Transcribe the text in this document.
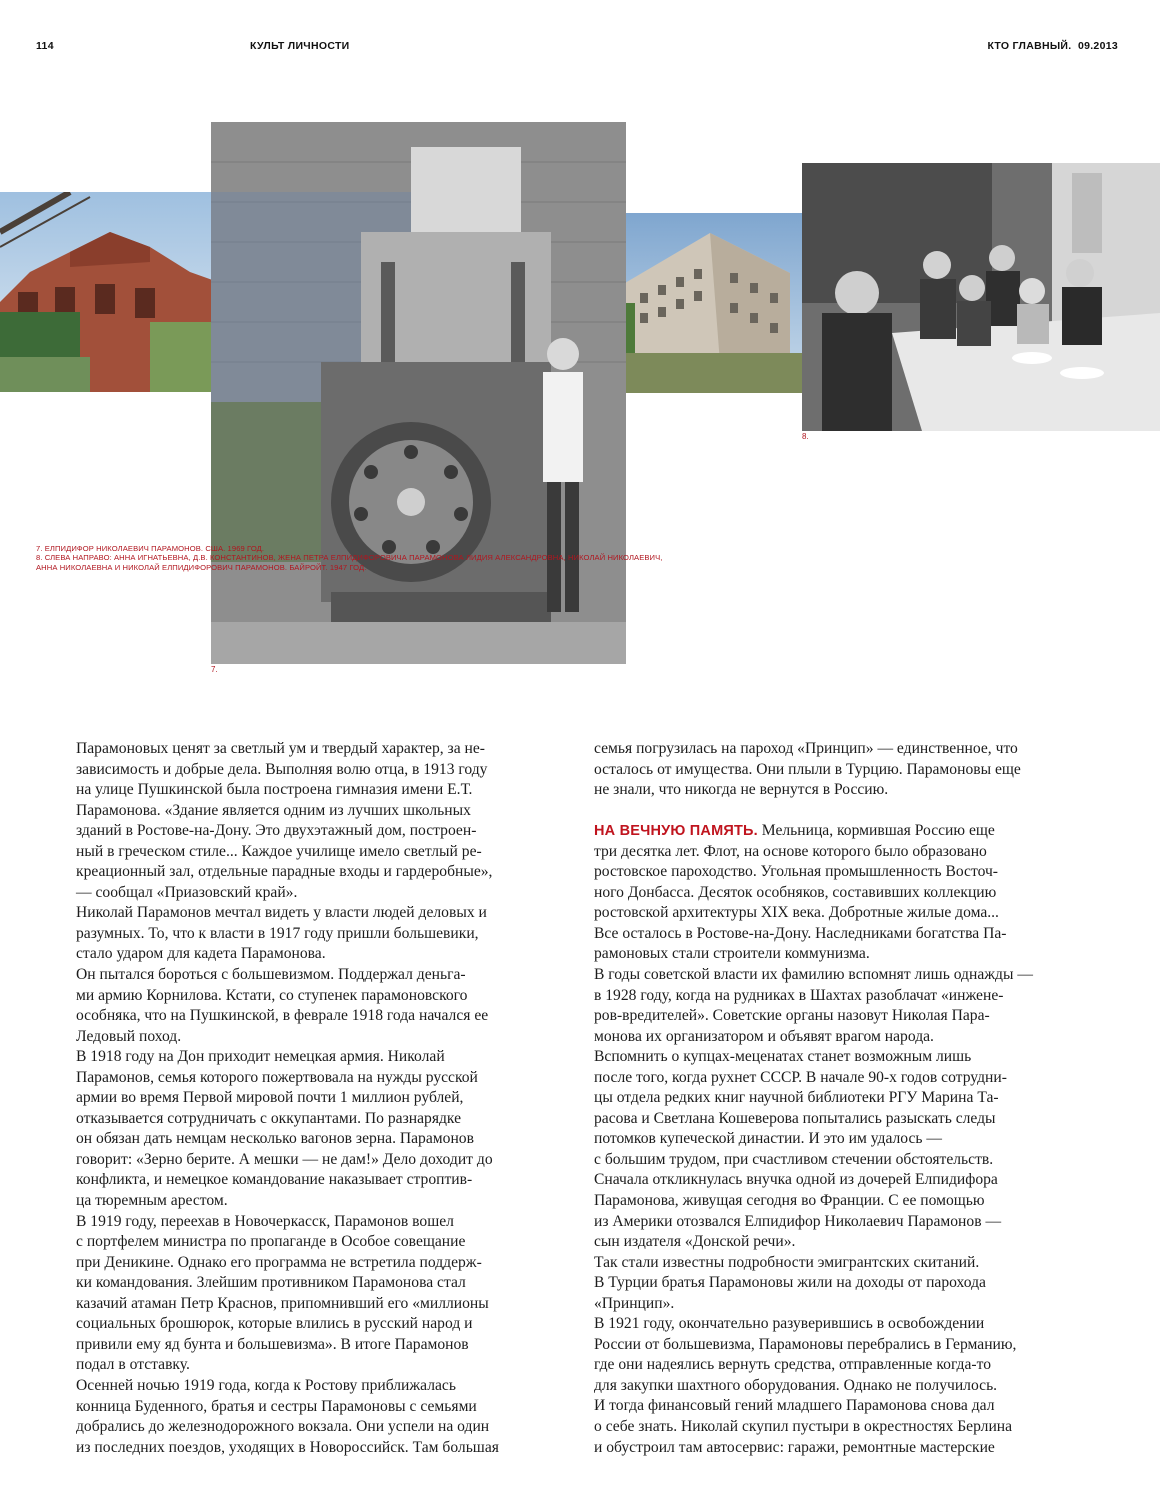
114	КУЛЬТ ЛИЧНОСТИ	КТО ГЛАВНЫЙ. 09.2013
7.
8.
7. ЕЛПИДИФОР НИКОЛАЕВИЧ ПАРАМОНОВ. США. 1969 ГОД.
8. СЛЕВА НАПРАВО: АННА ИГНАТЬЕВНА, Д.В. КОНСТАНТИНОВ, ЖЕНА ПЕТРА ЕЛПИДИФОРОВИЧА ПАРАМОНОВА ЛИДИЯ АЛЕКСАНДРОВНА, НИКОЛАЙ НИКОЛАЕВИЧ,
АННА НИКОЛАЕВНА И НИКОЛАЙ ЕЛПИДИФОРОВИЧ ПАРАМОНОВ. БАЙРОЙТ. 1947 ГОД.

Парамоновых ценят за светлый ум и твердый характер, за не-

зависимость и добрые дела. Выполняя волю отца, в 1913 году

на улице Пушкинской была построена гимназия имени Е.Т.

Парамонова. «Здание является одним из лучших школьных

зданий в Ростове-на-Дону. Это двухэтажный дом, построен-

ный в греческом стиле... Каждое училище имело светлый ре-

креационный зал, отдельные парадные входы и гардеробные»,

— сообщал «Приазовский край».

Николай Парамонов мечтал видеть у власти людей деловых и

разумных. То, что к власти в 1917 году пришли большевики,

стало ударом для кадета Парамонова.

Он пытался бороться с большевизмом. Поддержал деньга-

ми армию Корнилова. Кстати, со ступенек парамоновского

особняка, что на Пушкинской, в феврале 1918 года начался ее

Ледовый поход.

В 1918 году на Дон приходит немецкая армия. Николай

Парамонов, семья которого пожертвовала на нужды русской

армии во время Первой мировой почти 1 миллион рублей,

отказывается сотрудничать с оккупантами. По разнарядке

он обязан дать немцам несколько вагонов зерна. Парамонов

говорит: «Зерно берите. А мешки — не дам!» Дело доходит до

конфликта, и немецкое командование наказывает строптив-

ца тюремным арестом.

В 1919 году, переехав в Новочеркасск, Парамонов вошел

с портфелем министра по пропаганде в Особое совещание

при Деникине. Однако его программа не встретила поддерж-

ки командования. Злейшим противником Парамонова стал

казачий атаман Петр Краснов, припомнивший его «миллионы

социальных брошюрок, которые влились в русский народ и

привили ему яд бунта и большевизма». В итоге Парамонов

подал в отставку.

Осенней ночью 1919 года, когда к Ростову приближалась

конница Буденного, братья и сестры Парамоновы с семьями

добрались до железнодорожного вокзала. Они успели на один

из последних поездов, уходящих в Новороссийск. Там большая

семья погрузилась на пароход «Принцип» — единственное, что

осталось от имущества. Они плыли в Турцию. Парамоновы еще

не знали, что никогда не вернутся в Россию.

НА ВЕЧНУЮ ПАМЯТЬ. Мельница, кормившая Россию еще

три десятка лет. Флот, на основе которого было образовано

ростовское пароходство. Угольная промышленность Восточ-

ного Донбасса. Десяток особняков, составивших коллекцию

ростовской архитектуры XIX века. Добротные жилые дома...

Все осталось в Ростове-на-Дону. Наследниками богатства Па-

рамоновых стали строители коммунизма.

В годы советской власти их фамилию вспомнят лишь однажды —

в 1928 году, когда на рудниках в Шахтах разоблачат «инжене-

ров-вредителей». Советские органы назовут Николая Пара-

монова их организатором и объявят врагом народа.

Вспомнить о купцах-меценатах станет возможным лишь

после того, когда рухнет СССР. В начале 90-х годов сотрудни-

цы отдела редких книг научной библиотеки РГУ Марина Та-

расова и Светлана Кошеверова попытались разыскать следы

потомков купеческой династии. И это им удалось —

с большим трудом, при счастливом стечении обстоятельств.

Сначала откликнулась внучка одной из дочерей Елпидифора

Парамонова, живущая сегодня во Франции. С ее помощью

из Америки отозвался Елпидифор Николаевич Парамонов —

сын издателя «Донской речи».

Так стали известны подробности эмигрантских скитаний.

В Турции братья Парамоновы жили на доходы от парохода

«Принцип».

В 1921 году, окончательно разуверившись в освобождении

России от большевизма, Парамоновы перебрались в Германию,

где они надеялись вернуть средства, отправленные когда-то

для закупки шахтного оборудования. Однако не получилось.

И тогда финансовый гений младшего Парамонова снова дал

о себе знать. Николай скупил пустыри в окрестностях Берлина

и обустроил там автосервис: гаражи, ремонтные мастерские
